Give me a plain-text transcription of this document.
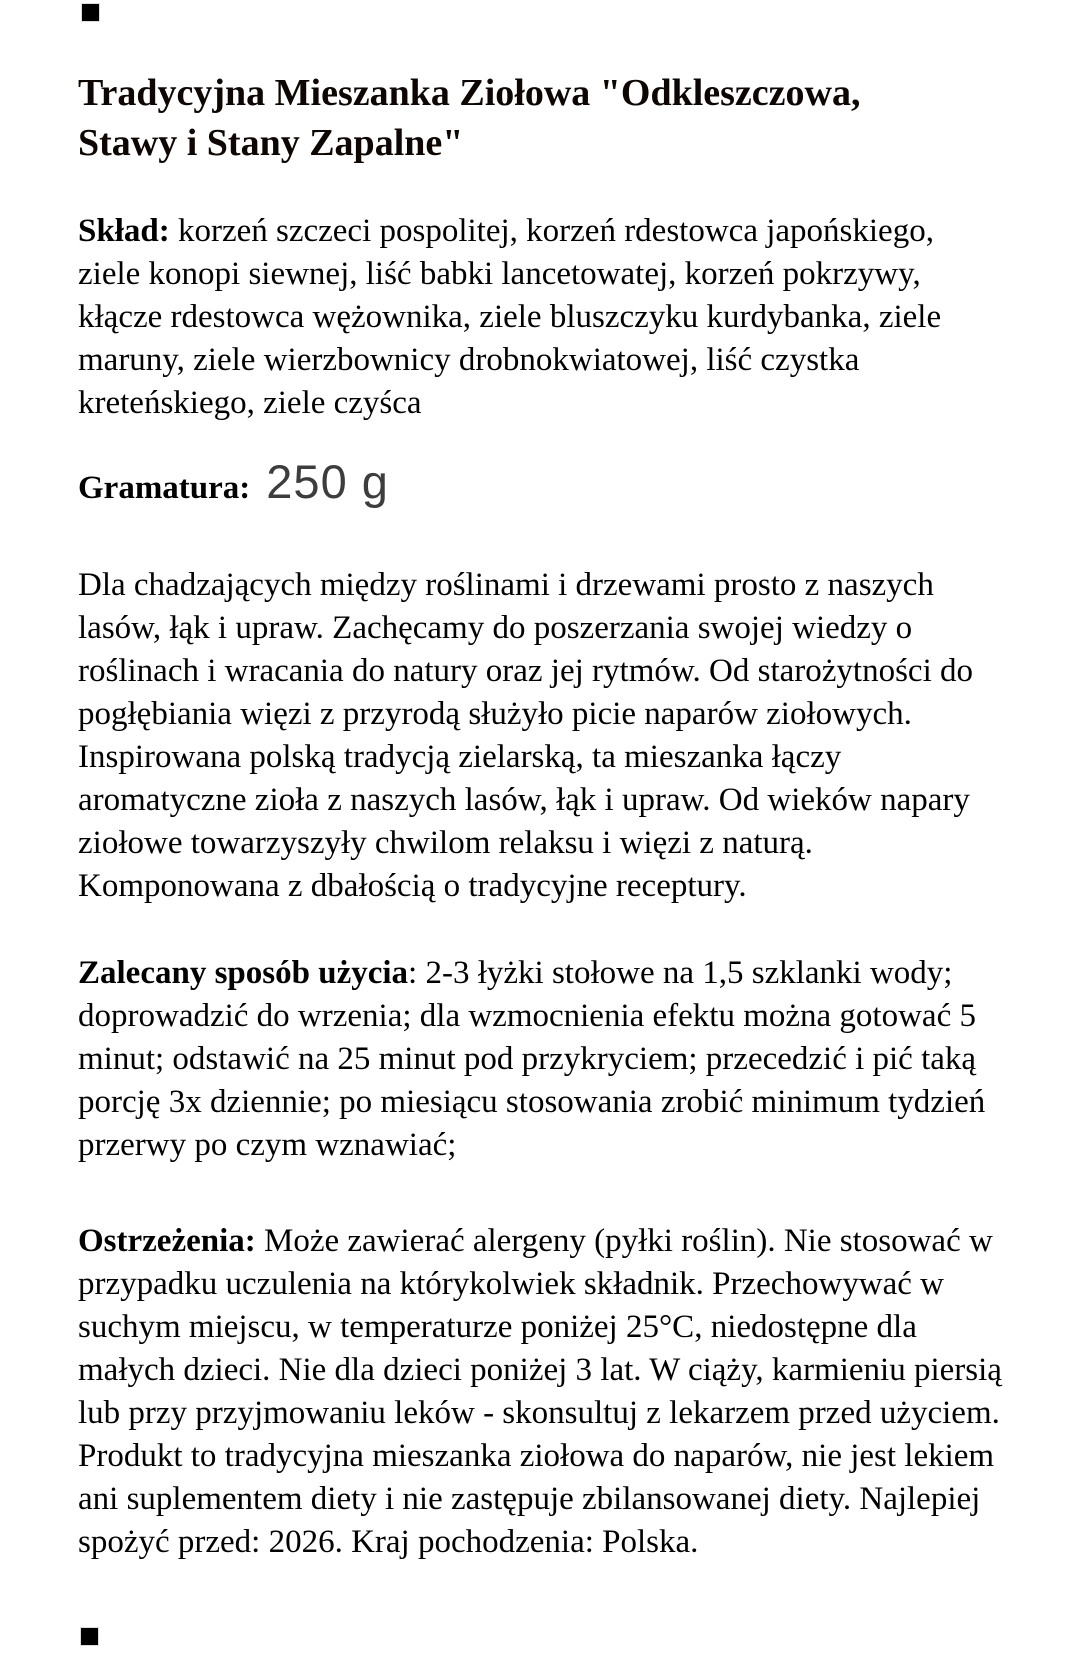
Tradycyjna Mieszanka Ziołowa "Odkleszczowa, Stawy i Stany Zapalne"

Skład: korzeń szczeci pospolitej, korzeń rdestowca japońskiego, ziele konopi siewnej, liść babki lancetowatej, korzeń pokrzywy, kłącze rdestowca wężownika, ziele bluszczyku kurdybanka, ziele maruny, ziele wierzbownicy drobnokwiatowej, liść czystka kreteńskiego, ziele czyśca

Gramatura: 250 g

Dla chadzających między roślinami i drzewami prosto z naszych lasów, łąk i upraw. Zachęcamy do poszerzania swojej wiedzy o roślinach i wracania do natury oraz jej rytmów. Od starożytności do pogłębiania więzi z przyrodą służyło picie naparów ziołowych. Inspirowana polską tradycją zielarską, ta mieszanka łączy aromatyczne zioła z naszych lasów, łąk i upraw. Od wieków napary ziołowe towarzyszyły chwilom relaksu i więzi z naturą. Komponowana z dbałością o tradycyjne receptury.

Zalecany sposób użycia: 2-3 łyżki stołowe na 1,5 szklanki wody; doprowadzić do wrzenia; dla wzmocnienia efektu można gotować 5 minut; odstawić na 25 minut pod przykryciem; przecedzić i pić taką porcję 3x dziennie; po miesiącu stosowania zrobić minimum tydzień przerwy po czym wznawiać;

Ostrzeżenia: Może zawierać alergeny (pyłki roślin). Nie stosować w przypadku uczulenia na którykolwiek składnik. Przechowywać w suchym miejscu, w temperaturze poniżej 25°C, niedostępne dla małych dzieci. Nie dla dzieci poniżej 3 lat. W ciąży, karmieniu piersią lub przy przyjmowaniu leków - skonsultuj z lekarzem przed użyciem. Produkt to tradycyjna mieszanka ziołowa do naparów, nie jest lekiem ani suplementem diety i nie zastępuje zbilansowanej diety. Najlepiej spożyć przed: 2026. Kraj pochodzenia: Polska.
